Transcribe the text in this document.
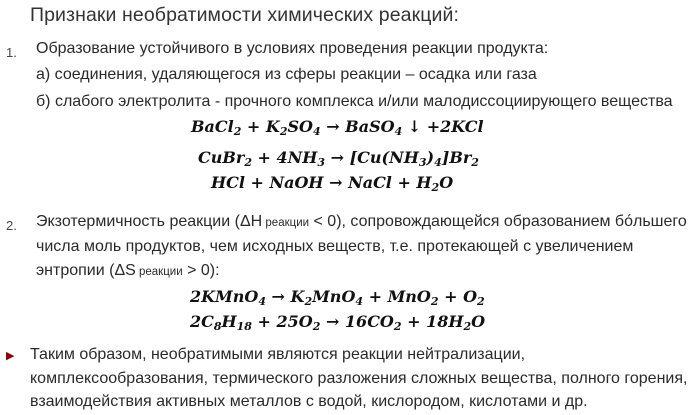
Признаки необратимости химических реакций:
1. Образование устойчивого в условиях проведения реакции продукта:
а) соединения, удаляющегося из сферы реакции – осадка или газа
б) слабого электролита - прочного комплекса и/или малодиссоциирующего вещества
BaCl$_2$ + $K_2SO_4$ → BaSO$_4$ ↓ +2KCl
CuBr$_2$ + $4NH_3 \to [Cu(NH_3)_4]Br_2$
HCl + NaOH → NaCl + $H_2O$
2. Экзотермичность реакции (ΔH реакции < 0), сопровождающейся образованием бо́льшего
числа моль продуктов, чем исходных веществ, т.е. протекающей с увеличением
энтропии (ΔS реакции > 0):
2KMnO$_4$ → $K_2MnO_4 + MnO_2 + O_2$
$2C_8H_{18} + 25O_2 \to 16CO_2 + 18H_2O$
▶ Таким образом, необратимыми являются реакции нейтрализации,
комплексообразования, термического разложения сложных вещества, полного горения,
взаимодействия активных металлов с водой, кислородом, кислотами и др.
